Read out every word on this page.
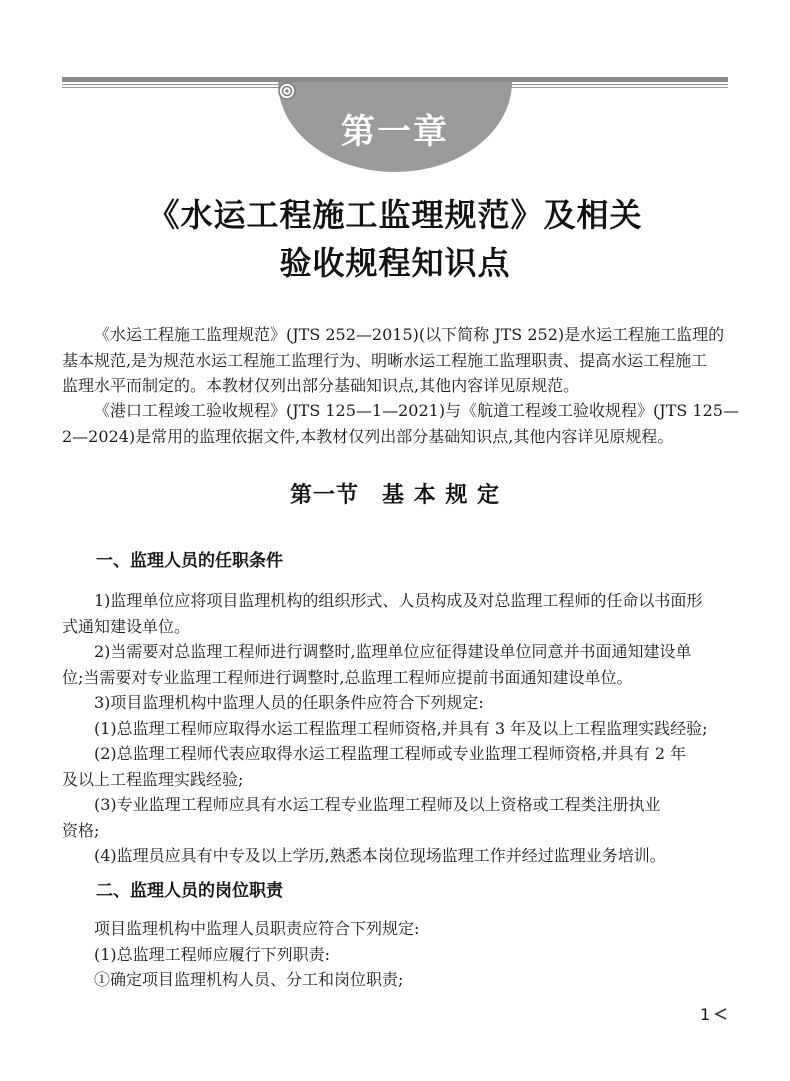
第一章
《水运工程施工监理规范》及相关
验收规程知识点
《水运工程施工监理规范》(JTS 252—2015)(以下简称 JTS 252)是水运工程施工监理的
基本规范,是为规范水运工程施工监理行为、明晰水运工程施工监理职责、提高水运工程施工
监理水平而制定的。本教材仅列出部分基础知识点,其他内容详见原规范。
《港口工程竣工验收规程》(JTS 125—1—2021)与《航道工程竣工验收规程》(JTS 125—
2—2024)是常用的监理依据文件,本教材仅列出部分基础知识点,其他内容详见原规程。
第一节　基 本 规 定
一、监理人员的任职条件
1)监理单位应将项目监理机构的组织形式、人员构成及对总监理工程师的任命以书面形
式通知建设单位。
2)当需要对总监理工程师进行调整时,监理单位应征得建设单位同意并书面通知建设单
位;当需要对专业监理工程师进行调整时,总监理工程师应提前书面通知建设单位。
3)项目监理机构中监理人员的任职条件应符合下列规定:
(1)总监理工程师应取得水运工程监理工程师资格,并具有 3 年及以上工程监理实践经验;
(2)总监理工程师代表应取得水运工程监理工程师或专业监理工程师资格,并具有 2 年
及以上工程监理实践经验;
(3)专业监理工程师应具有水运工程专业监理工程师及以上资格或工程类注册执业
资格;
(4)监理员应具有中专及以上学历,熟悉本岗位现场监理工作并经过监理业务培训。
二、监理人员的岗位职责
项目监理机构中监理人员职责应符合下列规定:
(1)总监理工程师应履行下列职责:
①确定项目监理机构人员、分工和岗位职责;
1
